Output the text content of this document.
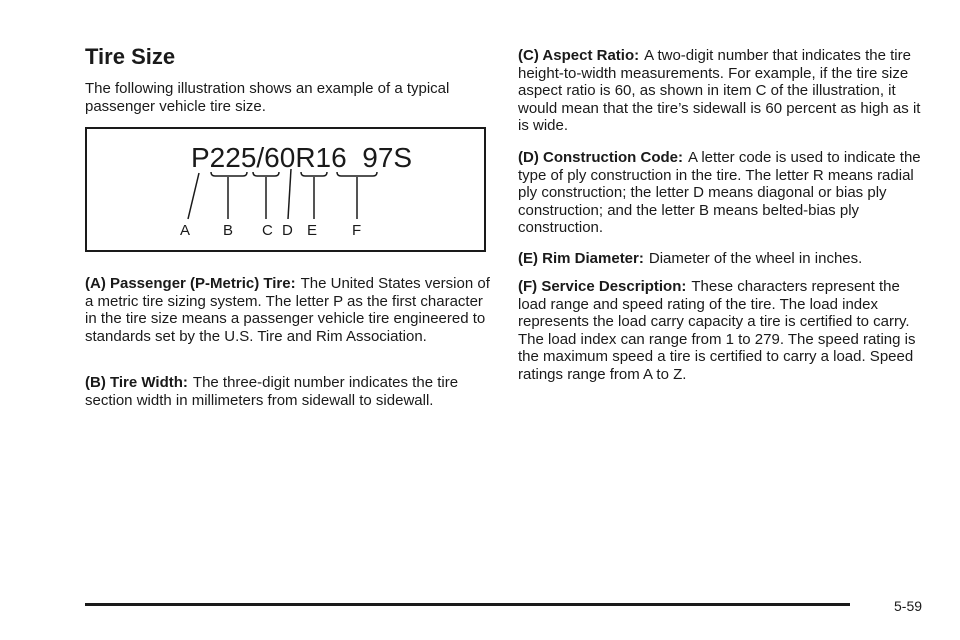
Tire Size

The following illustration shows an example of a typical passenger vehicle tire size.

P225/60R16  97S
A B C D E F

(A) Passenger (P-Metric) Tire: The United States version of a metric tire sizing system. The letter P as the first character in the tire size means a passenger vehicle tire engineered to standards set by the U.S. Tire and Rim Association.

(B) Tire Width: The three-digit number indicates the tire section width in millimeters from sidewall to sidewall.

(C) Aspect Ratio: A two-digit number that indicates the tire height-to-width measurements. For example, if the tire size aspect ratio is 60, as shown in item C of the illustration, it would mean that the tire’s sidewall is 60 percent as high as it is wide.

(D) Construction Code: A letter code is used to indicate the type of ply construction in the tire. The letter R means radial ply construction; the letter D means diagonal or bias ply construction; and the letter B means belted-bias ply construction.

(E) Rim Diameter: Diameter of the wheel in inches.

(F) Service Description: These characters represent the load range and speed rating of the tire. The load index represents the load carry capacity a tire is certified to carry. The load index can range from 1 to 279. The speed rating is the maximum speed a tire is certified to carry a load. Speed ratings range from A to Z.

5-59
